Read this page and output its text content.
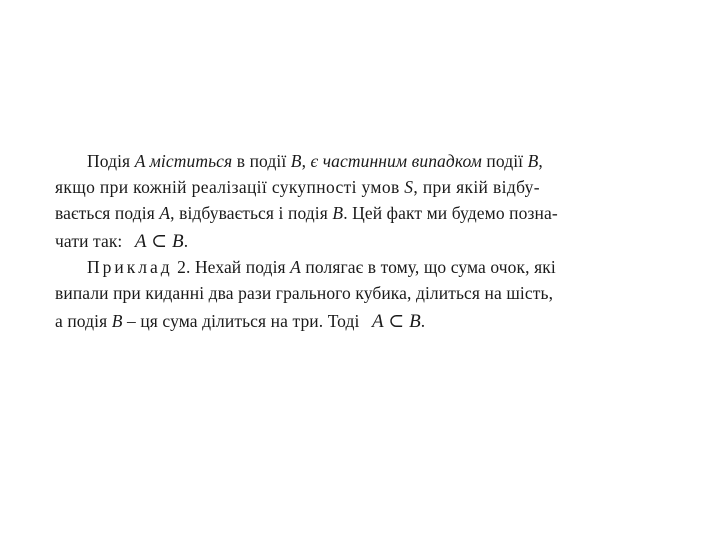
Подія A міститься в події B, є частинним випадком події B,
якщо при кожній реалізації сукупності умов S, при якій відбу-
вається подія A, відбувається і подія B. Цей факт ми будемо позна-
чати так: A ⊂ B.
Приклад 2. Нехай подія A полягає в тому, що сума очок, які
випали при киданні два рази грального кубика, ділиться на шість,
а подія B – ця сума ділиться на три. Тоді A ⊂ B.
